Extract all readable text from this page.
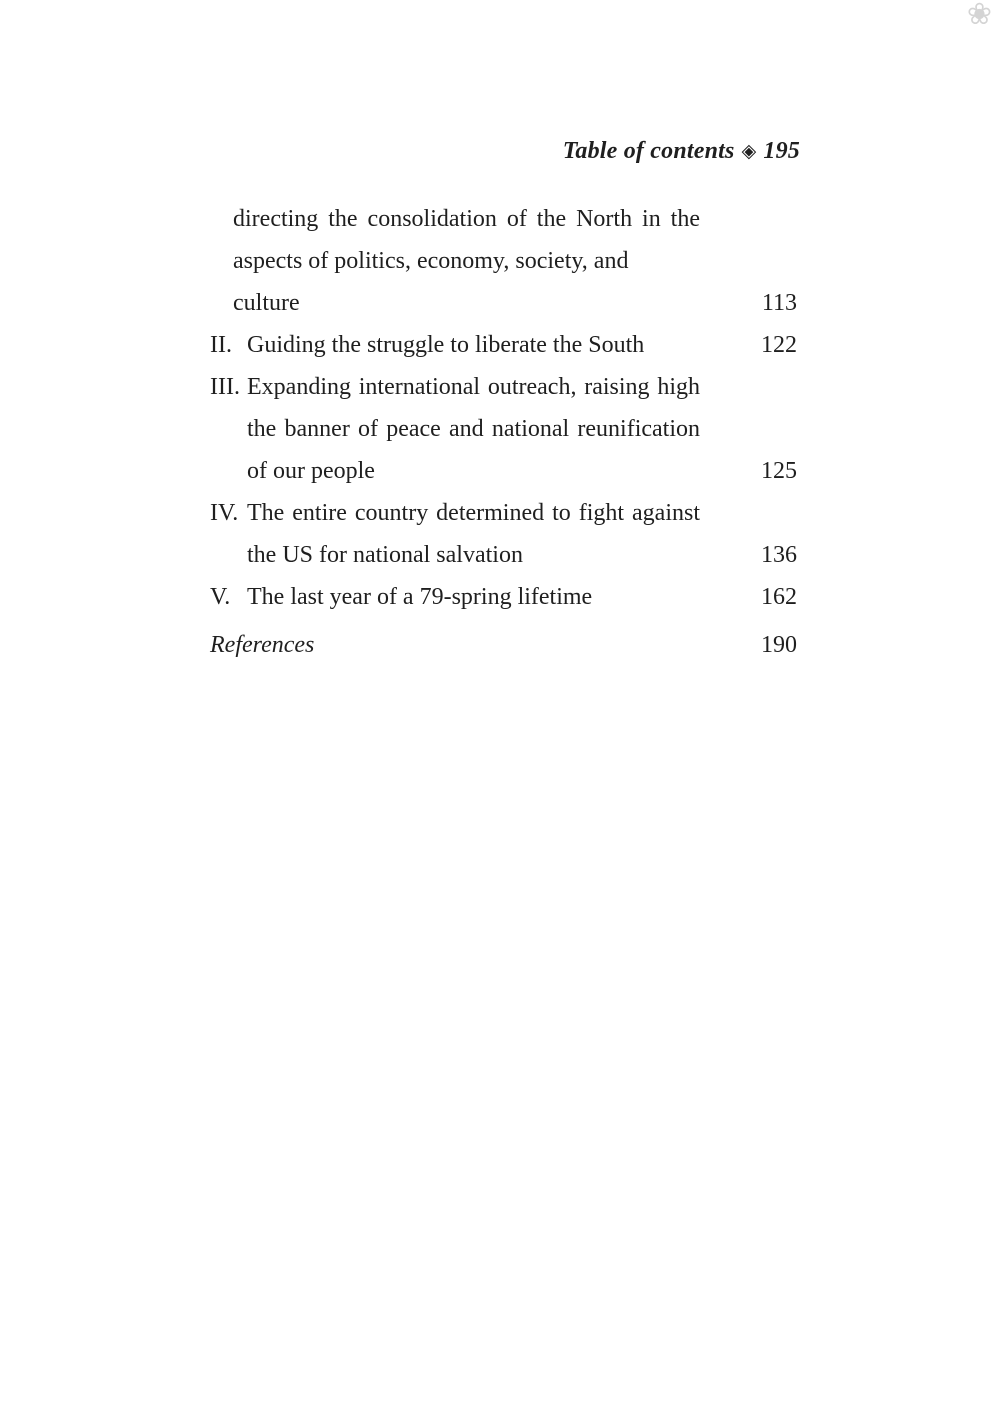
❀
Table of contents ◈ 195
directing the consolidation of the North in the
aspects of politics, economy, society, and culture	113
II. Guiding the struggle to liberate the South	122
III. Expanding international outreach, raising high
the banner of peace and national reunification
of our people	125
IV. The entire country determined to fight against
the US for national salvation	136
V. The last year of a 79-spring lifetime	162
References	190
